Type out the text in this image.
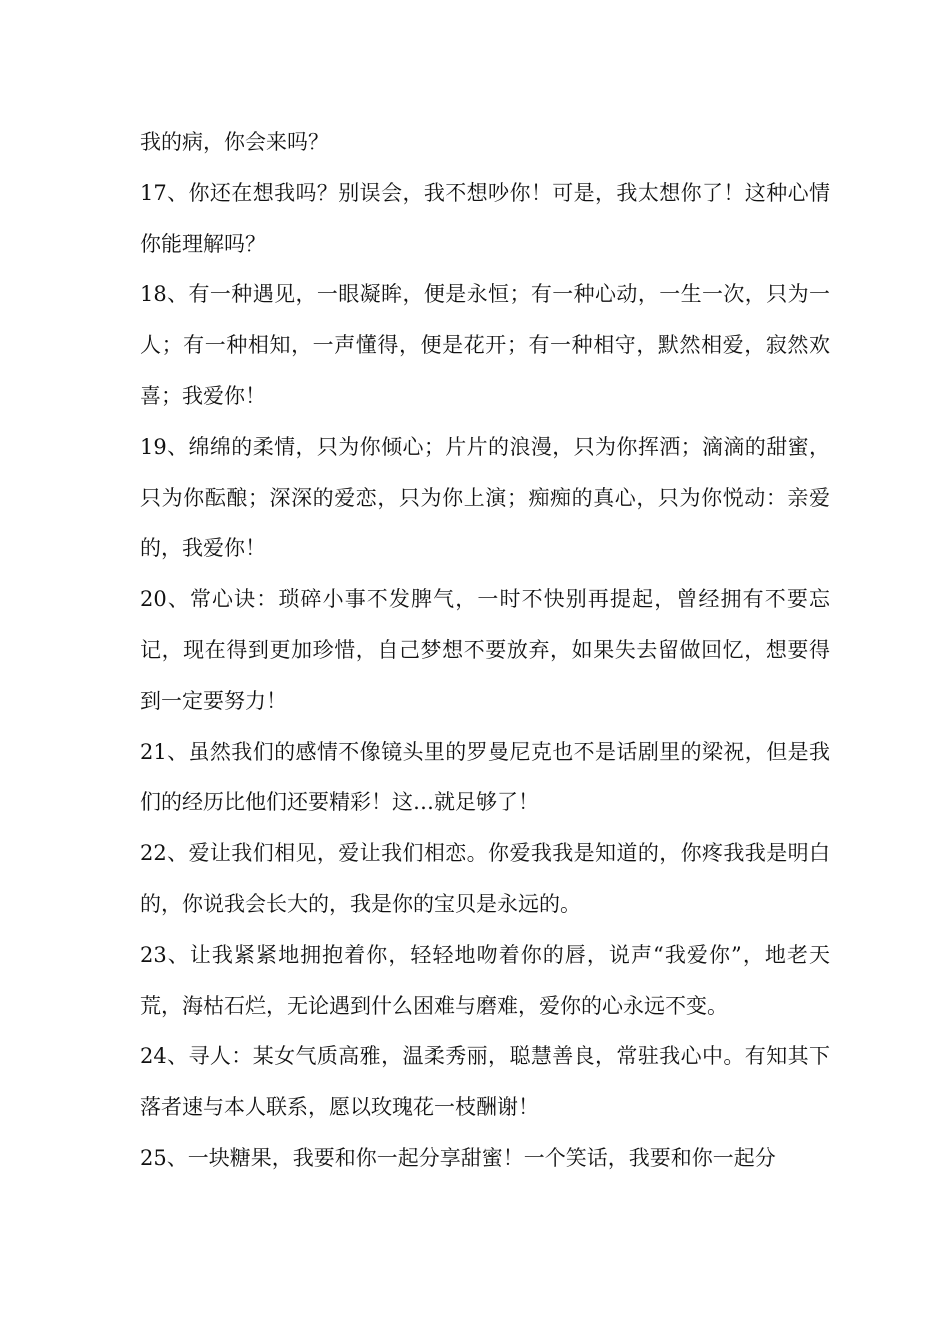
我的病，你会来吗？

17、你还在想我吗？别误会，我不想吵你！可是，我太想你了！这种心情你能理解吗？

18、有一种遇见，一眼凝眸，便是永恒；有一种心动，一生一次，只为一人；有一种相知，一声懂得，便是花开；有一种相守，默然相爱，寂然欢喜；我爱你！

19、绵绵的柔情，只为你倾心；片片的浪漫，只为你挥洒；滴滴的甜蜜，只为你酝酿；深深的爱恋，只为你上演；痴痴的真心，只为你悦动：亲爱的，我爱你！

20、常心诀：琐碎小事不发脾气，一时不快别再提起，曾经拥有不要忘记，现在得到更加珍惜，自己梦想不要放弃，如果失去留做回忆，想要得到一定要努力！

21、虽然我们的感情不像镜头里的罗曼尼克也不是话剧里的梁祝，但是我们的经历比他们还要精彩！这…就足够了！

22、爱让我们相见，爱让我们相恋。你爱我我是知道的，你疼我我是明白的，你说我会长大的，我是你的宝贝是永远的。

23、让我紧紧地拥抱着你，轻轻地吻着你的唇，说声“我爱你”，地老天荒，海枯石烂，无论遇到什么困难与磨难，爱你的心永远不变。

24、寻人：某女气质高雅，温柔秀丽，聪慧善良，常驻我心中。有知其下落者速与本人联系，愿以玫瑰花一枝酬谢！

25、一块糖果，我要和你一起分享甜蜜！一个笑话，我要和你一起分
